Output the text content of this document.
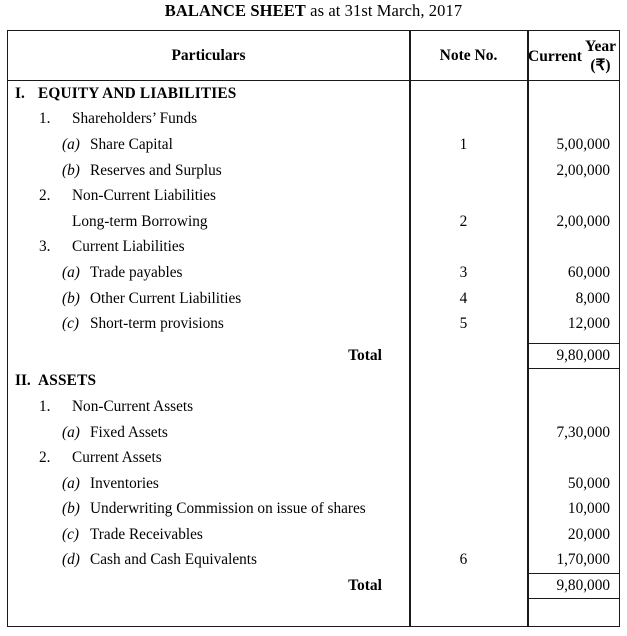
BALANCE SHEET as at 31st March, 2017
Particulars	Note No.	Current
Year (₹)
I. EQUITY AND LIABILITIES
1. Shareholders’ Funds
(a) Share Capital	1	5,00,000
(b) Reserves and Surplus	2,00,000
2. Non-Current Liabilities
Long-term Borrowing	2	2,00,000
3. Current Liabilities
(a) Trade payables	3	60,000
(b) Other Current Liabilities	4	8,000
(c) Short-term provisions	5	12,000
Total	9,80,000
II. ASSETS
1. Non-Current Assets
(a) Fixed Assets	7,30,000
2. Current Assets
(a) Inventories	50,000
(b) Underwriting Commission on issue of shares	10,000
(c) Trade Receivables	20,000
(d) Cash and Cash Equivalents	6	1,70,000
Total	9,80,000
